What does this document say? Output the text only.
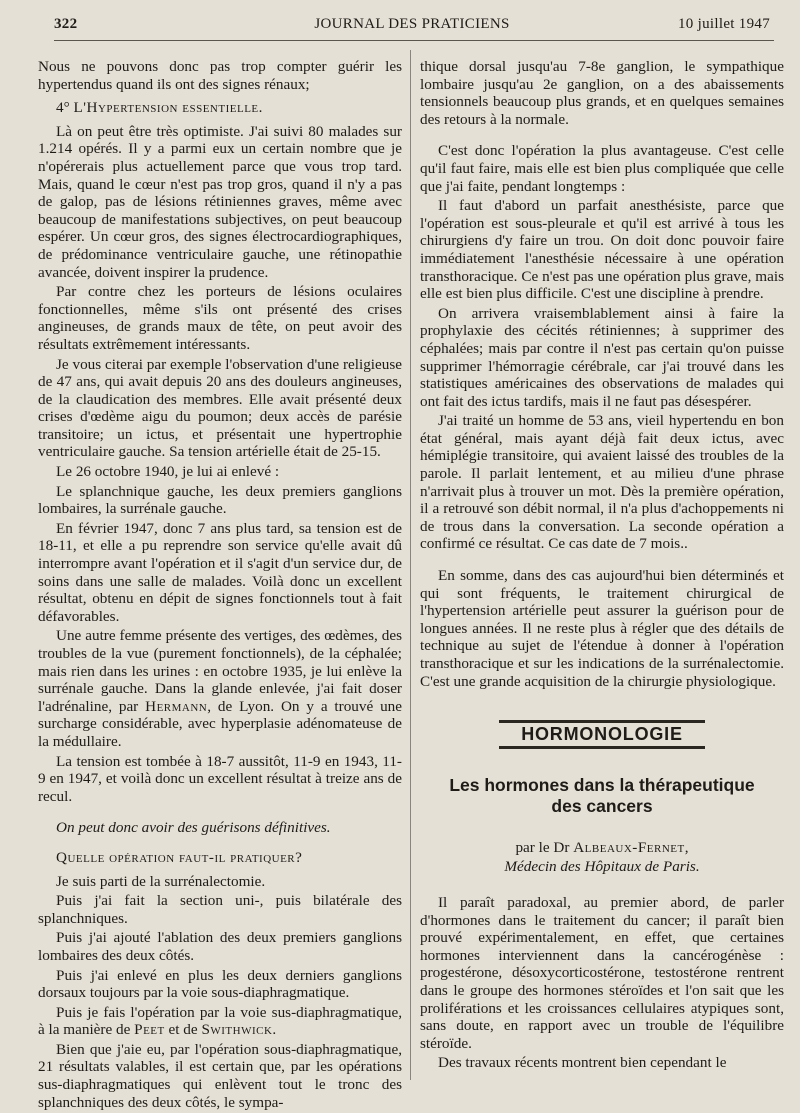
322	JOURNAL DES PRATICIENS	10 juillet 1947

Nous ne pouvons donc pas trop compter guérir les hypertendus quand ils ont des signes rénaux;

4° L'Hypertension essentielle.

Là on peut être très optimiste. J'ai suivi 80 malades sur 1.214 opérés. Il y a parmi eux un certain nombre que je n'opérerais plus actuellement parce que vous trop tard. Mais, quand le cœur n'est pas trop gros, quand il n'y a pas de galop, pas de lésions rétiniennes graves, même avec beaucoup de manifestations subjectives, on peut beaucoup espérer. Un cœur gros, des signes électrocardiographiques, de prédominance ventriculaire gauche, une rétinopathie avancée, doivent inspirer la prudence.

Par contre chez les porteurs de lésions oculaires fonctionnelles, même s'ils ont présenté des crises angineuses, de grands maux de tête, on peut avoir des résultats extrêmement intéressants.

Je vous citerai par exemple l'observation d'une religieuse de 47 ans, qui avait depuis 20 ans des douleurs angineuses, de la claudication des membres. Elle avait présenté deux crises d'œdème aigu du poumon; deux accès de parésie transitoire; un ictus, et présentait une hypertrophie ventriculaire gauche. Sa tension artérielle était de 25-15.

Le 26 octobre 1940, je lui ai enlevé :

Le splanchnique gauche, les deux premiers ganglions lombaires, la surrénale gauche.

En février 1947, donc 7 ans plus tard, sa tension est de 18-11, et elle a pu reprendre son service qu'elle avait dû interrompre avant l'opération et il s'agit d'un service dur, de soins dans une salle de malades. Voilà donc un excellent résultat, obtenu en dépit de signes fonctionnels tout à fait défavorables.

Une autre femme présente des vertiges, des œdèmes, des troubles de la vue (purement fonctionnels), de la céphalée; mais rien dans les urines : en octobre 1935, je lui enlève la surrénale gauche. Dans la glande enlevée, j'ai fait doser l'adrénaline, par Hermann, de Lyon. On y a trouvé une surcharge considérable, avec hyperplasie adénomateuse de la médullaire.

La tension est tombée à 18-7 aussitôt, 11-9 en 1943, 11-9 en 1947, et voilà donc un excellent résultat à treize ans de recul.

On peut donc avoir des guérisons définitives.

Quelle opération faut-il pratiquer?

Je suis parti de la surrénalectomie.

Puis j'ai fait la section uni-, puis bilatérale des splanchniques.

Puis j'ai ajouté l'ablation des deux premiers ganglions lombaires des deux côtés.

Puis j'ai enlevé en plus les deux derniers ganglions dorsaux toujours par la voie sous-diaphragmatique.

Puis je fais l'opération par la voie sus-diaphragmatique, à la manière de Peet et de Swithwick.

Bien que j'aie eu, par l'opération sous-diaphragmatique, 21 résultats valables, il est certain que, par les opérations sus-diaphragmatiques qui enlèvent tout le tronc des splanchniques des deux côtés, le sympa-

thique dorsal jusqu'au 7-8e ganglion, le sympathique lombaire jusqu'au 2e ganglion, on a des abaissements tensionnels beaucoup plus grands, et en quelques semaines des retours à la normale.

C'est donc l'opération la plus avantageuse. C'est celle qu'il faut faire, mais elle est bien plus compliquée que celle que j'ai faite, pendant longtemps :

Il faut d'abord un parfait anesthésiste, parce que l'opération est sous-pleurale et qu'il est arrivé à tous les chirurgiens d'y faire un trou. On doit donc pouvoir faire immédiatement l'anesthésie nécessaire à une opération transthoracique. Ce n'est pas une opération plus grave, mais elle est bien plus difficile. C'est une discipline à prendre.

On arrivera vraisemblablement ainsi à faire la prophylaxie des cécités rétiniennes; à supprimer des céphalées; mais par contre il n'est pas certain qu'on puisse supprimer l'hémorragie cérébrale, car j'ai trouvé dans les statistiques américaines des observations de malades qui ont fait des ictus tardifs, mais il ne faut pas désespérer.

J'ai traité un homme de 53 ans, vieil hypertendu en bon état général, mais ayant déjà fait deux ictus, avec hémiplégie transitoire, qui avaient laissé des troubles de la parole. Il parlait lentement, et au milieu d'une phrase n'arrivait plus à trouver un mot. Dès la première opération, il a retrouvé son débit normal, il n'a plus d'achoppements ni de trous dans la conversation. La seconde opération a confirmé ce résultat. Ce cas date de 7 mois..

En somme, dans des cas aujourd'hui bien déterminés et qui sont fréquents, le traitement chirurgical de l'hypertension artérielle peut assurer la guérison pour de longues années. Il ne reste plus à régler que des détails de technique au sujet de l'étendue à donner à l'opération transthoracique et sur les indications de la surrénalectomie. C'est une grande acquisition de la chirurgie physiologique.

HORMONOLOGIE
Les hormones dans la thérapeutique
des cancers

par le Dr Albeaux-Fernet,

Médecin des Hôpitaux de Paris.

Il paraît paradoxal, au premier abord, de parler d'hormones dans le traitement du cancer; il paraît bien prouvé expérimentalement, en effet, que certaines hormones interviennent dans la cancérogénèse : progestérone, désoxycorticostérone, testostérone rentrent dans le groupe des hormones stéroïdes et l'on sait que les proliférations et les croissances cellulaires atypiques sont, sans doute, en rapport avec un trouble de l'équilibre stéroïde.

Des travaux récents montrent bien cependant le
